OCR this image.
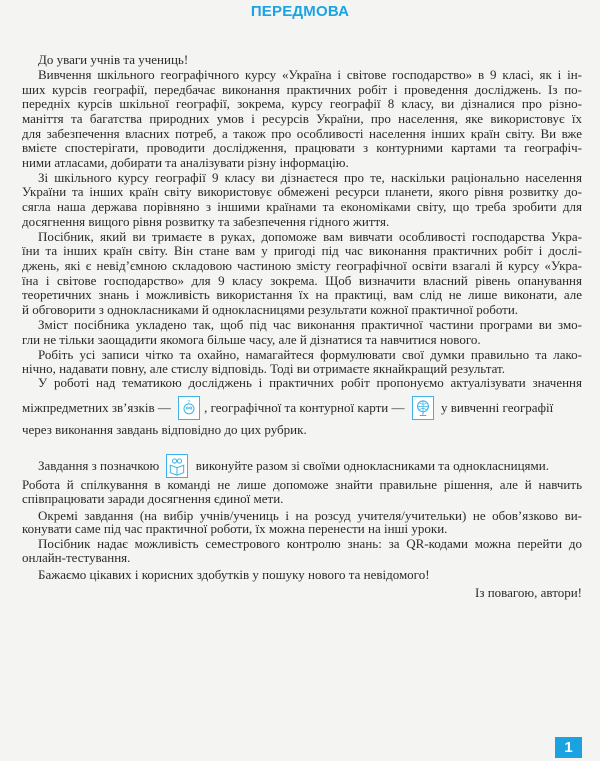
ПЕРЕДМОВА
До уваги учнів та учениць!
Вивчення шкільного географічного курсу «Україна і світове господарство» в 9 класі, як і ін-
ших курсів географії, передбачає виконання практичних робіт і проведення досліджень. Із по-
передніх курсів шкільної географії, зокрема, курсу географії 8 класу, ви дізналися про різно-
маніття та багатства природних умов і ресурсів України, про населення, яке використовує їх
для забезпечення власних потреб, а також про особливості населення інших країн світу. Ви вже
вмієте спостерігати, проводити дослідження, працювати з контурними картами та географіч-
ними атласами, добирати та аналізувати різну інформацію.
Зі шкільного курсу географії 9 класу ви дізнаєтеся про те, наскільки раціонально населення
України та інших країн світу використовує обмежені ресурси планети, якого рівня розвитку до-
сягла наша держава порівняно з іншими країнами та економіками світу, що треба зробити для
досягнення вищого рівня розвитку та забезпечення гідного життя.
Посібник, який ви тримаєте в руках, допоможе вам вивчати особливості господарства Укра-
їни та інших країн світу. Він стане вам у пригоді під час виконання практичних робіт і дослі-
джень, які є невід’ємною складовою частиною змісту географічної освіти взагалі й курсу «Укра-
їна і світове господарство» для 9 класу зокрема. Щоб визначити власний рівень опанування
теоретичних знань і можливість використання їх на практиці, вам слід не лише виконати, але
й обговорити з однокласниками й однокласницями результати кожної практичної роботи.
Зміст посібника укладено так, щоб під час виконання практичної частини програми ви змо-
гли не тільки заощадити якомога більше часу, але й дізнатися та навчитися нового.
Робіть усі записи чітко та охайно, намагайтеся формулювати свої думки правильно та лако-
нічно, надавати повну, але стислу відповідь. Тоді ви отримаєте якнайкращий результат.
У роботі над тематикою досліджень і практичних робіт пропонуємо актуалізувати значення
міжпредметних зв’язків —	? , географічної та контурної карти —	у вивченні географії
через виконання завдань відповідно до цих рубрик.
Завдання з позначкою	виконуйте разом зі своїми однокласниками та однокласницями.
Робота й спілкування в команді не лише допоможе знайти правильне рішення, але й навчить
співпрацювати заради досягнення єдиної мети.
Окремі завдання (на вибір учнів/учениць і на розсуд учителя/учительки) не обов’язково ви-
конувати саме під час практичної роботи, їх можна перенести на інші уроки.
Посібник надає можливість семестрового контролю знань: за QR-кодами можна перейти до
онлайн-тестування.
Бажаємо цікавих і корисних здобутків у пошуку нового та невідомого!
Із повагою, автори!
1
